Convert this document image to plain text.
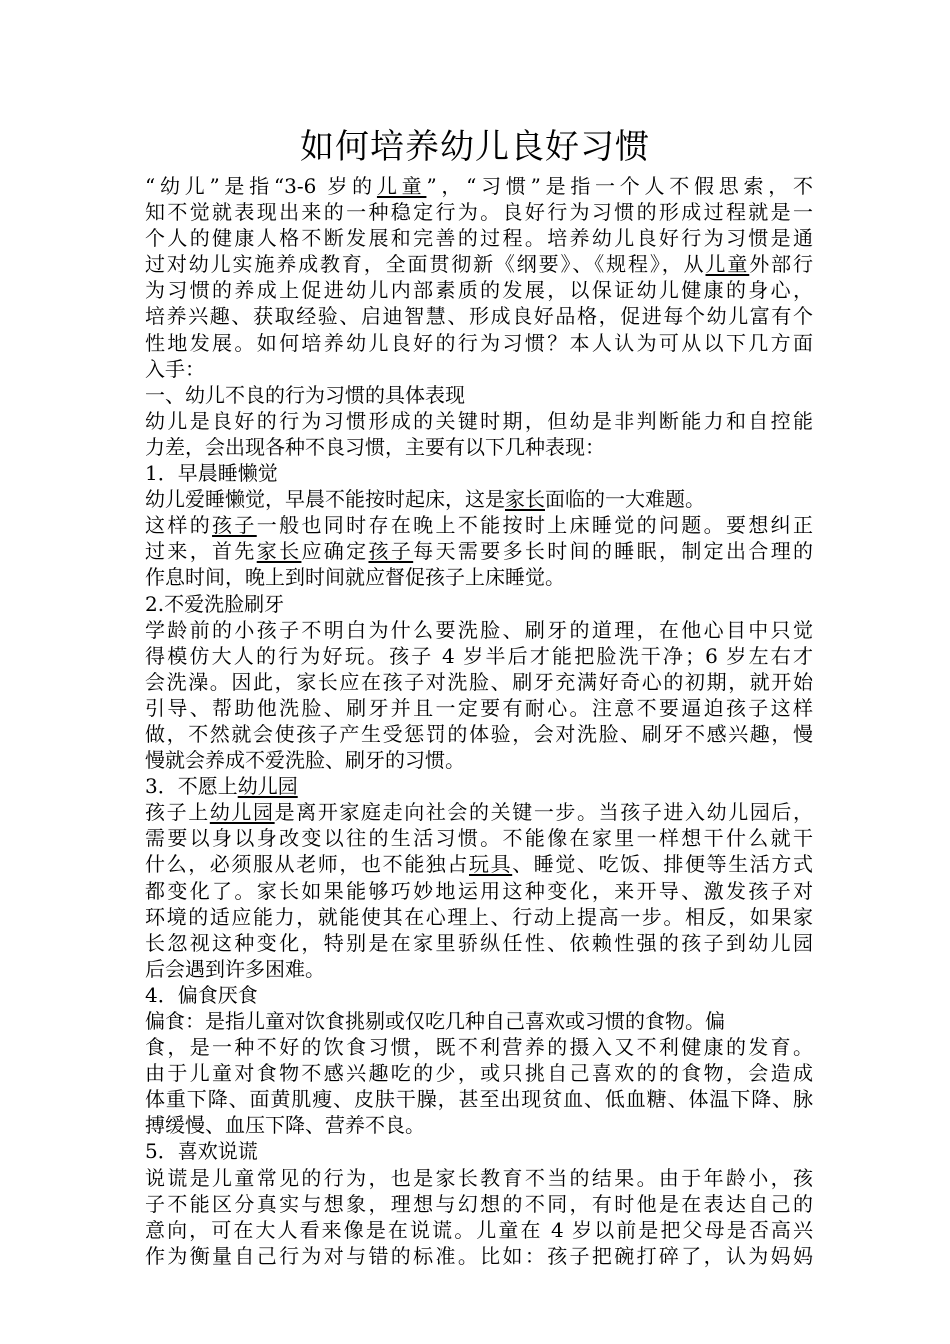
如何培养幼儿良好习惯
“幼儿”是指“3-6 岁的儿童”，“习惯”是指一个人不假思索，不
知不觉就表现出来的一种稳定行为。良好行为习惯的形成过程就是一
个人的健康人格不断发展和完善的过程。培养幼儿良好行为习惯是通
过对幼儿实施养成教育，全面贯彻新《纲要》、《规程》，从儿童外部行
为习惯的养成上促进幼儿内部素质的发展，以保证幼儿健康的身心，
培养兴趣、获取经验、启迪智慧、形成良好品格，促进每个幼儿富有个
性地发展。如何培养幼儿良好的行为习惯？本人认为可从以下几方面
入手：
一、幼儿不良的行为习惯的具体表现
幼儿是良好的行为习惯形成的关键时期，但幼是非判断能力和自控能
力差，会出现各种不良习惯，主要有以下几种表现：
1．早晨睡懒觉
幼儿爱睡懒觉，早晨不能按时起床，这是家长面临的一大难题。
这样的孩子一般也同时存在晚上不能按时上床睡觉的问题。要想纠正
过来，首先家长应确定孩子每天需要多长时间的睡眠，制定出合理的
作息时间，晚上到时间就应督促孩子上床睡觉。
2.不爱洗脸刷牙
学龄前的小孩子不明白为什么要洗脸、刷牙的道理，在他心目中只觉
得模仿大人的行为好玩。孩子 4 岁半后才能把脸洗干净；6 岁左右才
会洗澡。因此，家长应在孩子对洗脸、刷牙充满好奇心的初期，就开始
引导、帮助他洗脸、刷牙并且一定要有耐心。注意不要逼迫孩子这样
做，不然就会使孩子产生受惩罚的体验，会对洗脸、刷牙不感兴趣，慢
慢就会养成不爱洗脸、刷牙的习惯。
3．不愿上幼儿园
孩子上幼儿园是离开家庭走向社会的关键一步。当孩子进入幼儿园后，
需要以身以身改变以往的生活习惯。不能像在家里一样想干什么就干
什么，必须服从老师，也不能独占玩具、睡觉、吃饭、排便等生活方式
都变化了。家长如果能够巧妙地运用这种变化，来开导、激发孩子对
环境的适应能力，就能使其在心理上、行动上提高一步。相反，如果家
长忽视这种变化，特别是在家里骄纵任性、依赖性强的孩子到幼儿园
后会遇到许多困难。
4．偏食厌食
偏食：是指儿童对饮食挑剔或仅吃几种自己喜欢或习惯的食物。偏
食，是一种不好的饮食习惯，既不利营养的摄入又不利健康的发育。
由于儿童对食物不感兴趣吃的少，或只挑自己喜欢的的食物，会造成
体重下降、面黄肌瘦、皮肤干臊，甚至出现贫血、低血糖、体温下降、脉
搏缓慢、血压下降、营养不良。
5．喜欢说谎
说谎是儿童常见的行为，也是家长教育不当的结果。由于年龄小，孩
子不能区分真实与想象，理想与幻想的不同，有时他是在表达自己的
意向，可在大人看来像是在说谎。儿童在 4 岁以前是把父母是否高兴
作为衡量自己行为对与错的标准。比如：孩子把碗打碎了，认为妈妈
